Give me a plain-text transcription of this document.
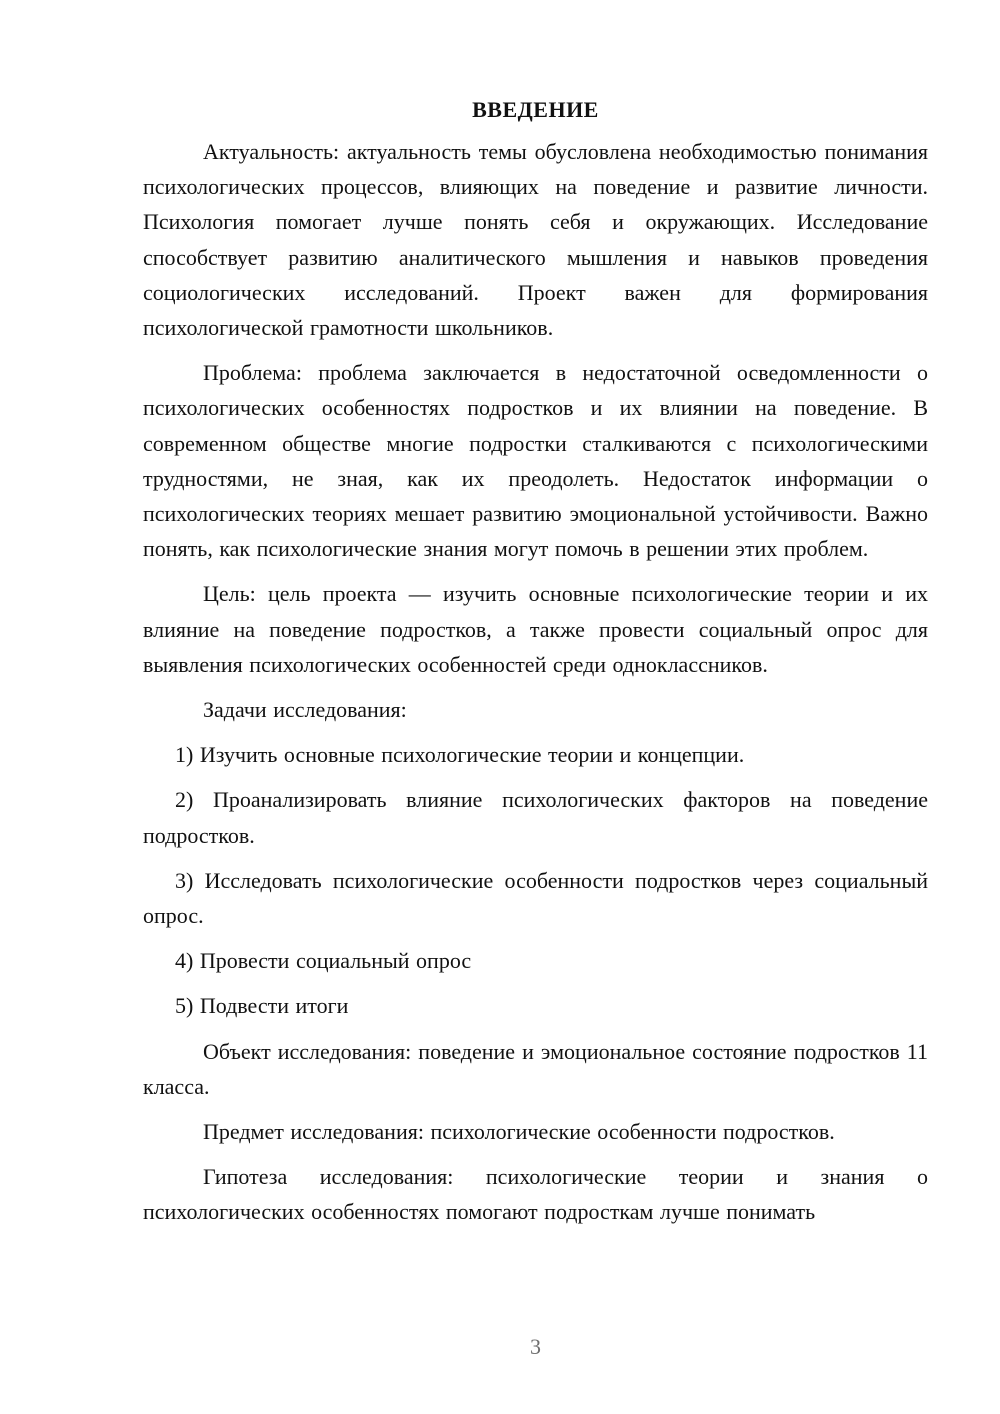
ВВЕДЕНИЕ
Актуальность: актуальность темы обусловлена необходимостью понимания психологических процессов, влияющих на поведение и развитие личности. Психология помогает лучше понять себя и окружающих. Исследование способствует развитию аналитического мышления и навыков проведения социологических исследований. Проект важен для формирования психологической грамотности школьников.
Проблема: проблема заключается в недостаточной осведомленности о психологических особенностях подростков и их влиянии на поведение. В современном обществе многие подростки сталкиваются с психологическими трудностями, не зная, как их преодолеть. Недостаток информации о психологических теориях мешает развитию эмоциональной устойчивости. Важно понять, как психологические знания могут помочь в решении этих проблем.
Цель: цель проекта — изучить основные психологические теории и их влияние на поведение подростков, а также провести социальный опрос для выявления психологических особенностей среди одноклассников.
Задачи исследования:
1) Изучить основные психологические теории и концепции.
2) Проанализировать влияние психологических факторов на поведение подростков.
3) Исследовать психологические особенности подростков через социальный опрос.
4) Провести социальный опрос
5) Подвести итоги
Объект исследования: поведение и эмоциональное состояние подростков 11 класса.
Предмет исследования: психологические особенности подростков.
Гипотеза исследования: психологические теории и знания о психологических особенностях помогают подросткам лучше понимать
3
